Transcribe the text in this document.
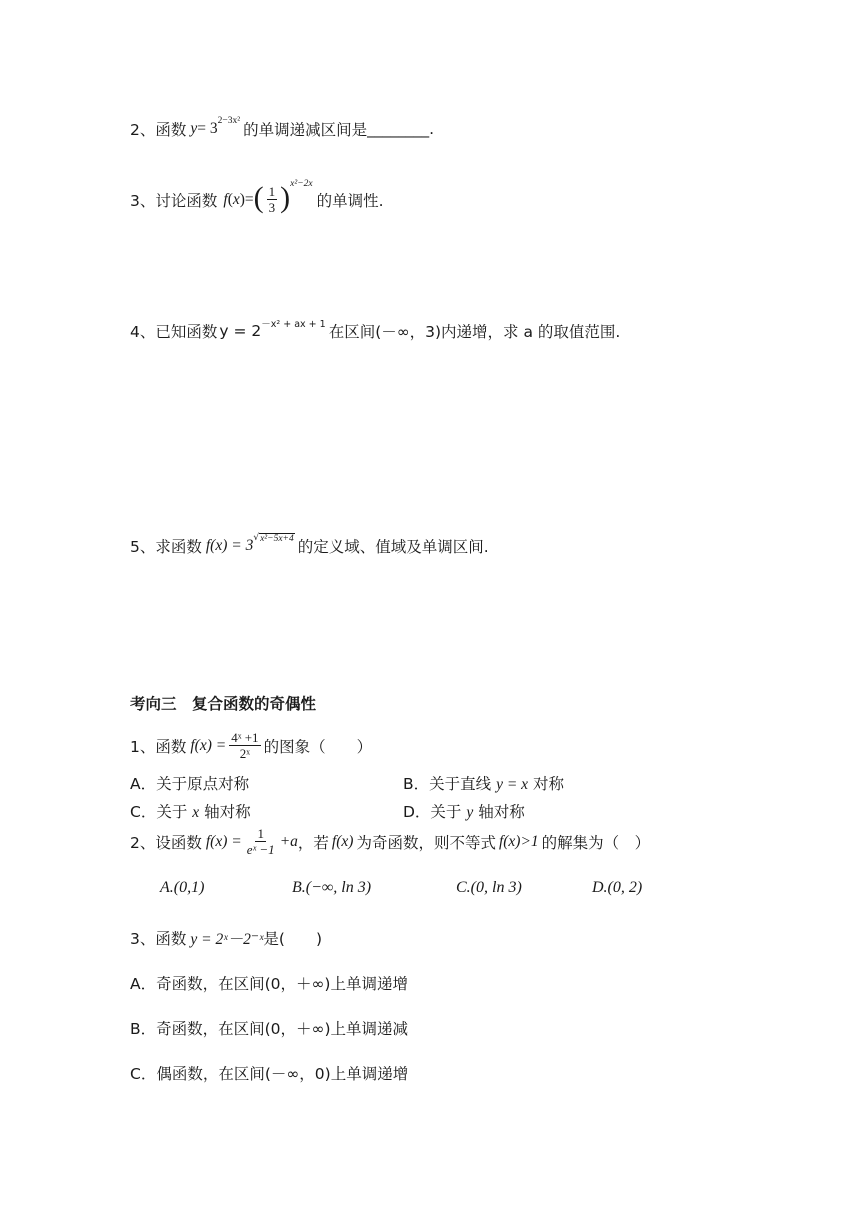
2、函数 y = 3 2−3x² 的单调递减区间是 ________ .
3、讨论函数 f ( x ) = ( $\frac{1}{3}$ ) x²−2x
的单调性.
4、已知函数 y = 2 －x² + ax + 1 在区间(－∞，3)内递增，求 a 的取值范围.
5、求函数 f(x) = 3 √ x²−5x+4 的定义域、值域及单调区间.
考向三　复合函数的奇偶性
1、函数 $f(x) = \frac{\text{4ˣ +1}}{\text{2ˣ}}$ 的图象（　　）
A．关于原点对称	B．关于直线 y = x 对称
C．关于 x 轴对称	D．关于 y 轴对称
2、设函数 $f(x) = \frac{1}{\text{eˣ −1}} +a$ ，若 f(x) 为奇函数，则不等式 f(x)>1 的解集为（　）
A.(0,1)	B.(−∞, ln 3)	C.(0, ln 3)	D.(0, 2)
3、函数 y = 2ˣ－2⁻ˣ 是(　　)
A．奇函数，在区间(0，＋∞)上单调递增
B．奇函数，在区间(0，＋∞)上单调递减
C．偶函数，在区间(－∞，0)上单调递增
